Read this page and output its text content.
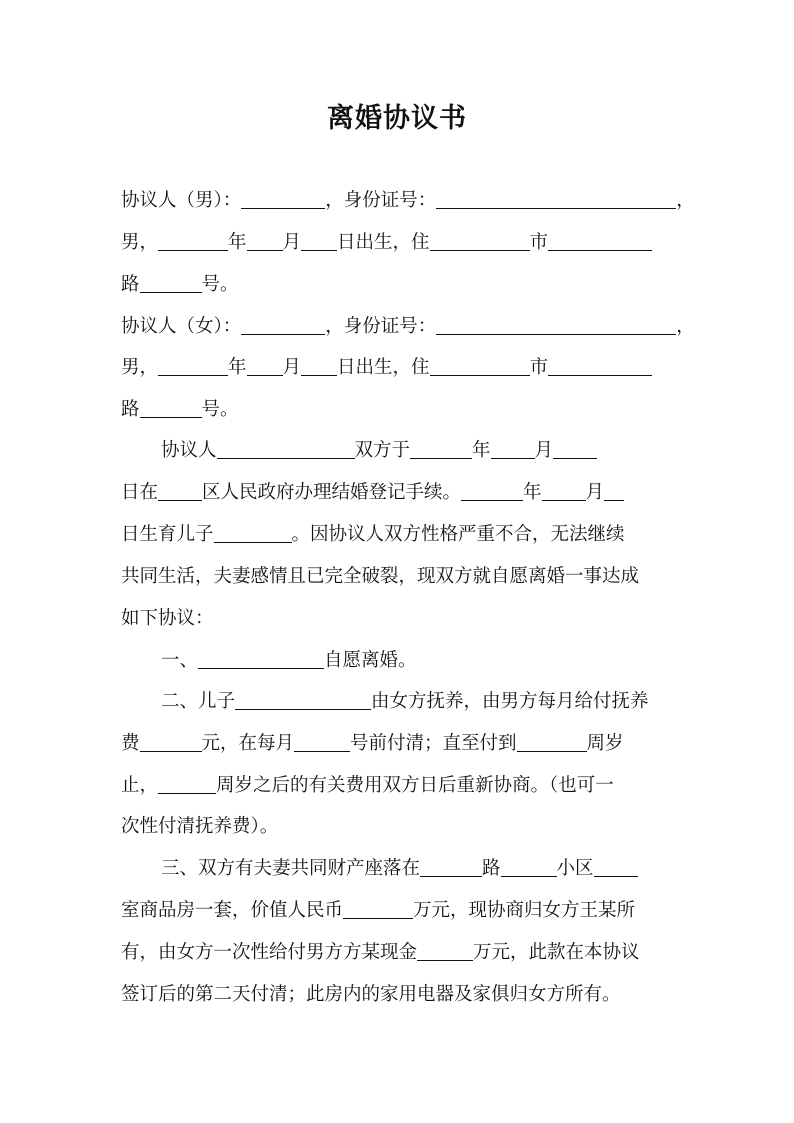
离婚协议书
协议人（男）：	，身份证号：	，
男，	年 月 日出生，住	市
路	号。
协议人（女）：	，身份证号：	，
男，	年 月 日出生，住	市
路	号。
协议人	双方于	年 月
日在 区人民政府办理结婚登记手续。	年 月
日生育儿子	。因协议人双方性格严重不合，无法继续
共同生活，夫妻感情且已完全破裂，现双方就自愿离婚一事达成
如下协议：
一、	自愿离婚。
二、儿子	由女方抚养，由男方每月给付抚养
费	元，在每月	号前付清；直至付到	周岁
止，	周岁之后的有关费用双方日后重新协商。（也可一
次性付清抚养费）。
三、双方有夫妻共同财产座落在	路	小区
室商品房一套，价值人民币	万元，现协商归女方王某所
有，由女方一次性给付男方方某现金	万元，此款在本协议
签订后的第二天付清；此房内的家用电器及家俱归女方所有。
